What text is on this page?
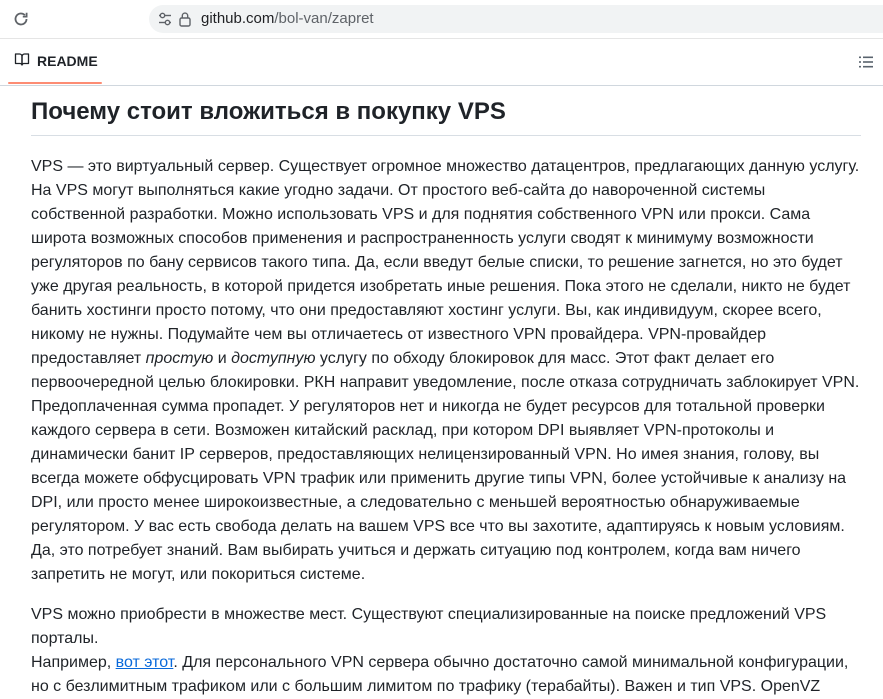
github.com/bol-van/zapret
README
Почему стоит вложиться в покупку VPS

VPS — это виртуальный сервер. Существует огромное множество датацентров, предлагающих данную услугу. На VPS могут выполняться какие угодно задачи. От простого веб-сайта до навороченной системы собственной разработки. Можно использовать VPS и для поднятия собственного VPN или прокси. Сама широта возможных способов применения и распространенность услуги сводят к минимуму возможности регуляторов по бану сервисов такого типа. Да, если введут белые списки, то решение загнется, но это будет уже другая реальность, в которой придется изобретать иные решения. Пока этого не сделали, никто не будет банить хостинги просто потому, что они предоставляют хостинг услуги. Вы, как индивидуум, скорее всего, никому не нужны. Подумайте чем вы отличаетесь от известного VPN провайдера. VPN-провайдер предоставляет простую и доступную услугу по обходу блокировок для масс. Этот факт делает его первоочередной целью блокировки. РКН направит уведомление, после отказа сотрудничать заблокирует VPN. Предоплаченная сумма пропадет. У регуляторов нет и никогда не будет ресурсов для тотальной проверки каждого сервера в сети. Возможен китайский расклад, при котором DPI выявляет VPN-протоколы и динамически банит IP серверов, предоставляющих нелицензированный VPN. Но имея знания, голову, вы всегда можете обфусцировать VPN трафик или применить другие типы VPN, более устойчивые к анализу на DPI, или просто менее широкоизвестные, а следовательно с меньшей вероятностью обнаруживаемые регулятором. У вас есть свобода делать на вашем VPS все что вы захотите, адаптируясь к новым условиям. Да, это потребует знаний. Вам выбирать учиться и держать ситуацию под контролем, когда вам ничего запретить не могут, или покориться системе.

VPS можно приобрести в множестве мест. Существуют специализированные на поиске предложений VPS порталы.
Например, вот этот. Для персонального VPN сервера обычно достаточно самой минимальной конфигурации, но с безлимитным трафиком или с большим лимитом по трафику (терабайты). Важен и тип VPS. OpenVZ
